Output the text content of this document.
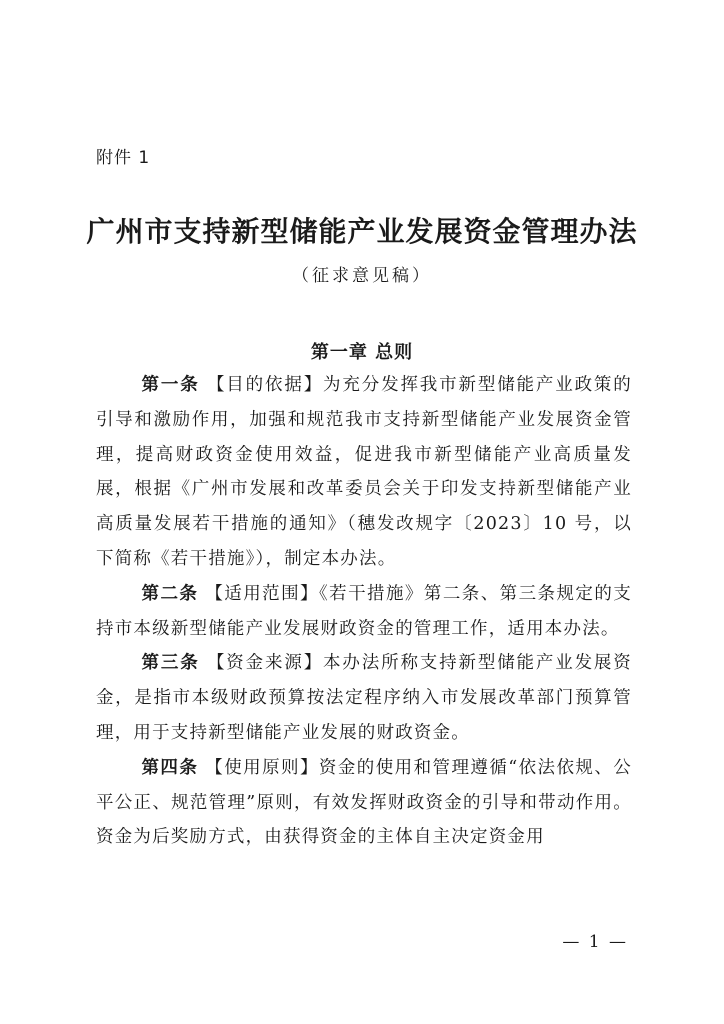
附件 1
广州市支持新型储能产业发展资金管理办法
（征求意见稿）
第一章 总则

第一条 【目的依据】为充分发挥我市新型储能产业政策的引导和激励作用，加强和规范我市支持新型储能产业发展资金管理，提高财政资金使用效益，促进我市新型储能产业高质量发展，根据《广州市发展和改革委员会关于印发支持新型储能产业高质量发展若干措施的通知》（穗发改规字〔2023〕10 号，以下简称《若干措施》），制定本办法。

第二条 【适用范围】《若干措施》第二条、第三条规定的支持市本级新型储能产业发展财政资金的管理工作，适用本办法。

第三条 【资金来源】本办法所称支持新型储能产业发展资金，是指市本级财政预算按法定程序纳入市发展改革部门预算管理，用于支持新型储能产业发展的财政资金。

第四条 【使用原则】资金的使用和管理遵循“依法依规、公平公正、规范管理”原则，有效发挥财政资金的引导和带动作用。资金为后奖励方式，由获得资金的主体自主决定资金用

— 1 —
